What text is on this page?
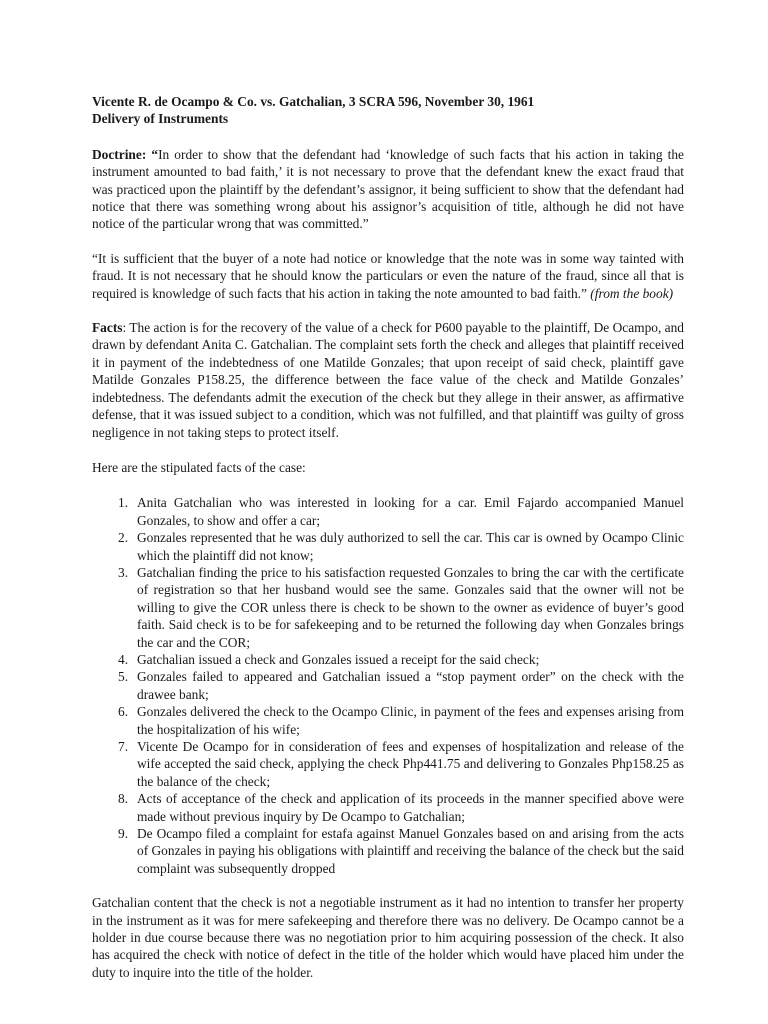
Vicente R. de Ocampo & Co. vs. Gatchalian, 3 SCRA 596, November 30, 1961

Delivery of Instruments

Doctrine: “In order to show that the defendant had ‘knowledge of such facts that his action in taking the instrument amounted to bad faith,’ it is not necessary to prove that the defendant knew the exact fraud that was practiced upon the plaintiff by the defendant’s assignor, it being sufficient to show that the defendant had notice that there was something wrong about his assignor’s acquisition of title, although he did not have notice of the particular wrong that was committed.”

“It is sufficient that the buyer of a note had notice or knowledge that the note was in some way tainted with fraud. It is not necessary that he should know the particulars or even the nature of the fraud, since all that is required is knowledge of such facts that his action in taking the note amounted to bad faith.” (from the book)

Facts: The action is for the recovery of the value of a check for P600 payable to the plaintiff, De Ocampo, and drawn by defendant Anita C. Gatchalian. The complaint sets forth the check and alleges that plaintiff received it in payment of the indebtedness of one Matilde Gonzales; that upon receipt of said check, plaintiff gave Matilde Gonzales P158.25, the difference between the face value of the check and Matilde Gonzales’ indebtedness. The defendants admit the execution of the check but they allege in their answer, as affirmative defense, that it was issued subject to a condition, which was not fulfilled, and that plaintiff was guilty of gross negligence in not taking steps to protect itself.

Here are the stipulated facts of the case:

1. Anita Gatchalian who was interested in looking for a car. Emil Fajardo accompanied Manuel Gonzales, to show and offer a car;
2. Gonzales represented that he was duly authorized to sell the car. This car is owned by Ocampo Clinic which the plaintiff did not know;
3. Gatchalian finding the price to his satisfaction requested Gonzales to bring the car with the certificate of registration so that her husband would see the same. Gonzales said that the owner will not be willing to give the COR unless there is check to be shown to the owner as evidence of buyer’s good faith. Said check is to be for safekeeping and to be returned the following day when Gonzales brings the car and the COR;
4. Gatchalian issued a check and Gonzales issued a receipt for the said check;
5. Gonzales failed to appeared and Gatchalian issued a “stop payment order” on the check with the drawee bank;
6. Gonzales delivered the check to the Ocampo Clinic, in payment of the fees and expenses arising from the hospitalization of his wife;
7. Vicente De Ocampo for in consideration of fees and expenses of hospitalization and release of the wife accepted the said check, applying the check Php441.75 and delivering to Gonzales Php158.25 as the balance of the check;
8. Acts of acceptance of the check and application of its proceeds in the manner specified above were made without previous inquiry by De Ocampo to Gatchalian;
9. De Ocampo filed a complaint for estafa against Manuel Gonzales based on and arising from the acts of Gonzales in paying his obligations with plaintiff and receiving the balance of the check but the said complaint was subsequently dropped

Gatchalian content that the check is not a negotiable instrument as it had no intention to transfer her property in the instrument as it was for mere safekeeping and therefore there was no delivery. De Ocampo cannot be a holder in due course because there was no negotiation prior to him acquiring possession of the check. It also has acquired the check with notice of defect in the title of the holder which would have placed him under the duty to inquire into the title of the holder.
